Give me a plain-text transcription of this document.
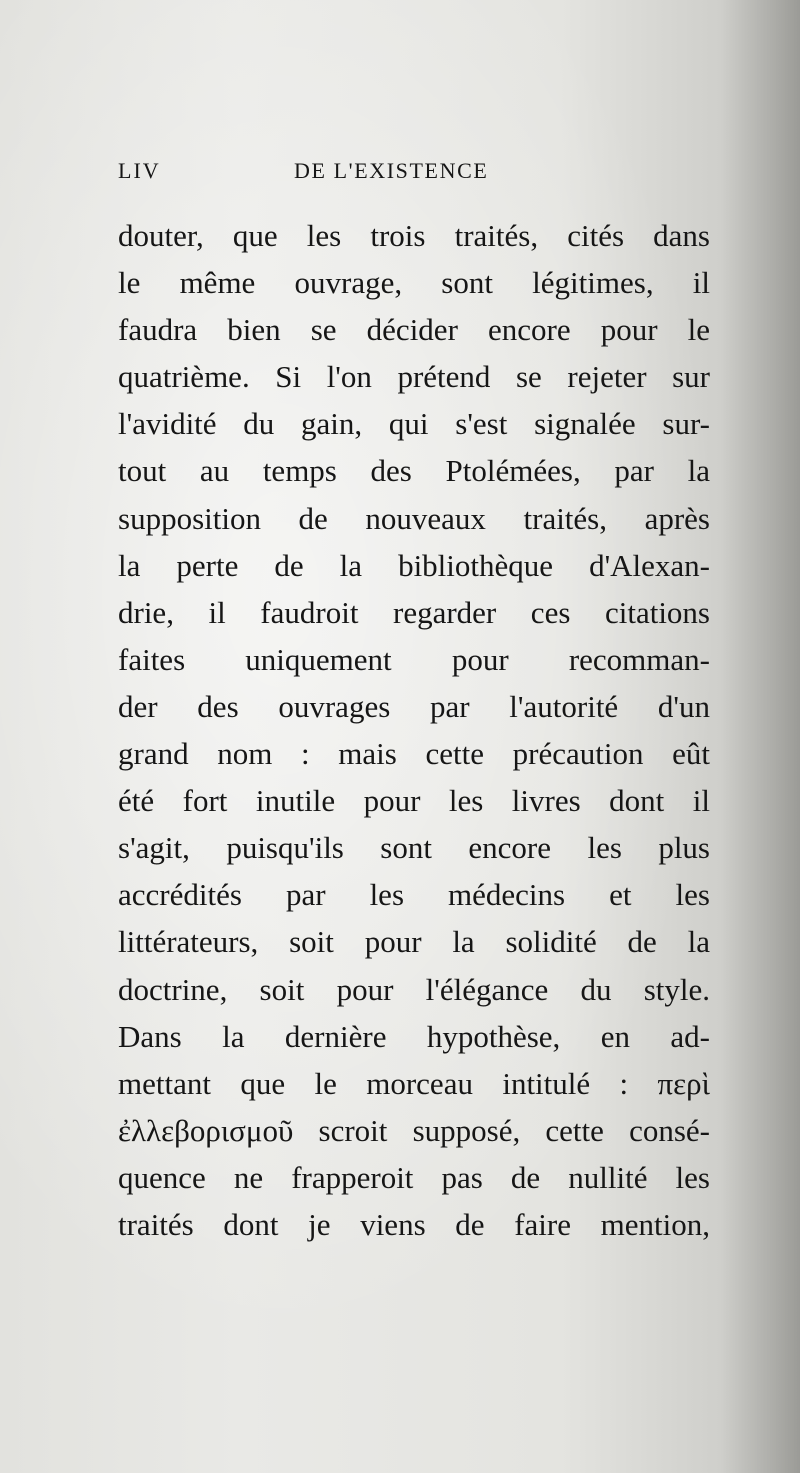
LIV	DE L'EXISTENCE
douter, que les trois traités, cités dans
le même ouvrage, sont légitimes, il
faudra bien se décider encore pour le
quatrième. Si l'on prétend se rejeter sur
l'avidité du gain, qui s'est signalée sur-
tout au temps des Ptolémées, par la
supposition de nouveaux traités, après
la perte de la bibliothèque d'Alexan-
drie, il faudroit regarder ces citations
faites uniquement pour recomman-
der des ouvrages par l'autorité d'un
grand nom : mais cette précaution eût
été fort inutile pour les livres dont il
s'agit, puisqu'ils sont encore les plus
accrédités par les médecins et les
littérateurs, soit pour la solidité de la
doctrine, soit pour l'élégance du style.
Dans la dernière hypothèse, en ad-
mettant que le morceau intitulé : περὶ
ἐλλεβορισμοῦ scroit supposé, cette consé-
quence ne frapperoit pas de nullité les
traités dont je viens de faire mention,
